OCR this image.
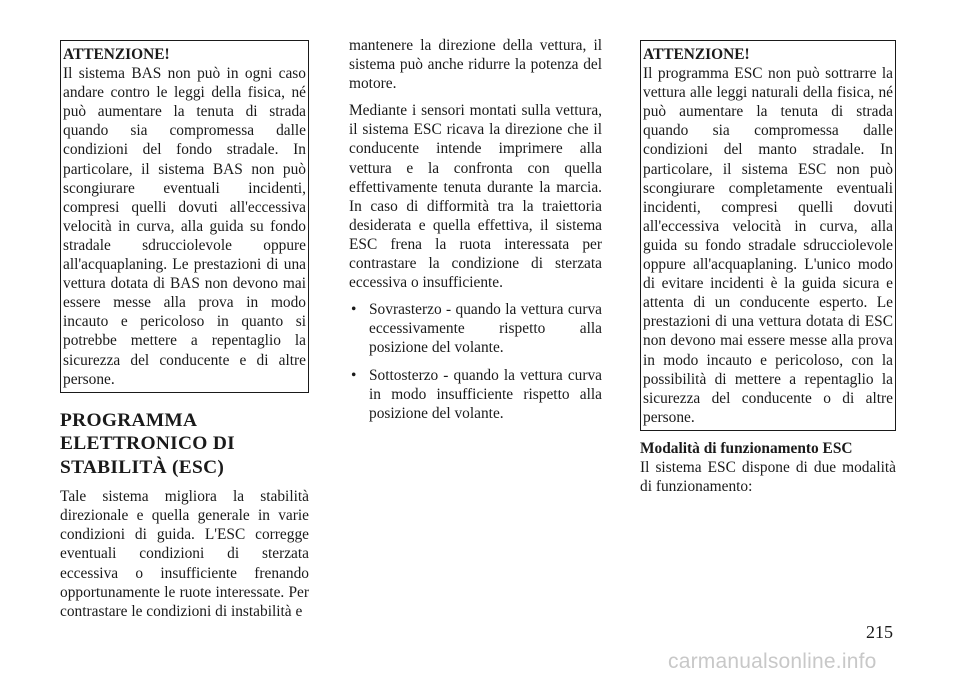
ATTENZIONE!
Il sistema BAS non può in ogni caso andare contro le leggi della fisica, né può aumentare la tenuta di strada quando sia compromessa dalle condizioni del fondo stradale. In particolare, il sistema BAS non può scongiurare eventuali incidenti, compresi quelli dovuti all'eccessiva velocità in curva, alla guida su fondo stradale sdrucciolevole oppure all'acquaplaning. Le prestazioni di una vettura dotata di BAS non devono mai essere messe alla prova in modo incauto e pericoloso in quanto si potrebbe mettere a repentaglio la sicurezza del conducente e di altre persone.
PROGRAMMA ELETTRONICO DI STABILITÀ (ESC)

Tale sistema migliora la stabilità direzionale e quella generale in varie condizioni di guida. L'ESC corregge eventuali condizioni di sterzata eccessiva o insufficiente frenando opportunamente le ruote interessate. Per contrastare le condizioni di instabilità e

mantenere la direzione della vettura, il sistema può anche ridurre la potenza del motore.

Mediante i sensori montati sulla vettura, il sistema ESC ricava la direzione che il conducente intende imprimere alla vettura e la confronta con quella effettivamente tenuta durante la marcia. In caso di difformità tra la traiettoria desiderata e quella effettiva, il sistema ESC frena la ruota interessata per contrastare la condizione di sterzata eccessiva o insufficiente.

• Sovrasterzo - quando la vettura curva eccessivamente rispetto alla posizione del volante.
• Sottosterzo - quando la vettura curva in modo insufficiente rispetto alla posizione del volante.
ATTENZIONE!
Il programma ESC non può sottrarre la vettura alle leggi naturali della fisica, né può aumentare la tenuta di strada quando sia compromessa dalle condizioni del manto stradale. In particolare, il sistema ESC non può scongiurare completamente eventuali incidenti, compresi quelli dovuti all'eccessiva velocità in curva, alla guida su fondo stradale sdrucciolevole oppure all'acquaplaning. L'unico modo di evitare incidenti è la guida sicura e attenta di un conducente esperto. Le prestazioni di una vettura dotata di ESC non devono mai essere messe alla prova in modo incauto e pericoloso, con la possibilità di mettere a repentaglio la sicurezza del conducente o di altre persone.
Modalità di funzionamento ESC

Il sistema ESC dispone di due modalità di funzionamento:

215
carmanualsonline.info
